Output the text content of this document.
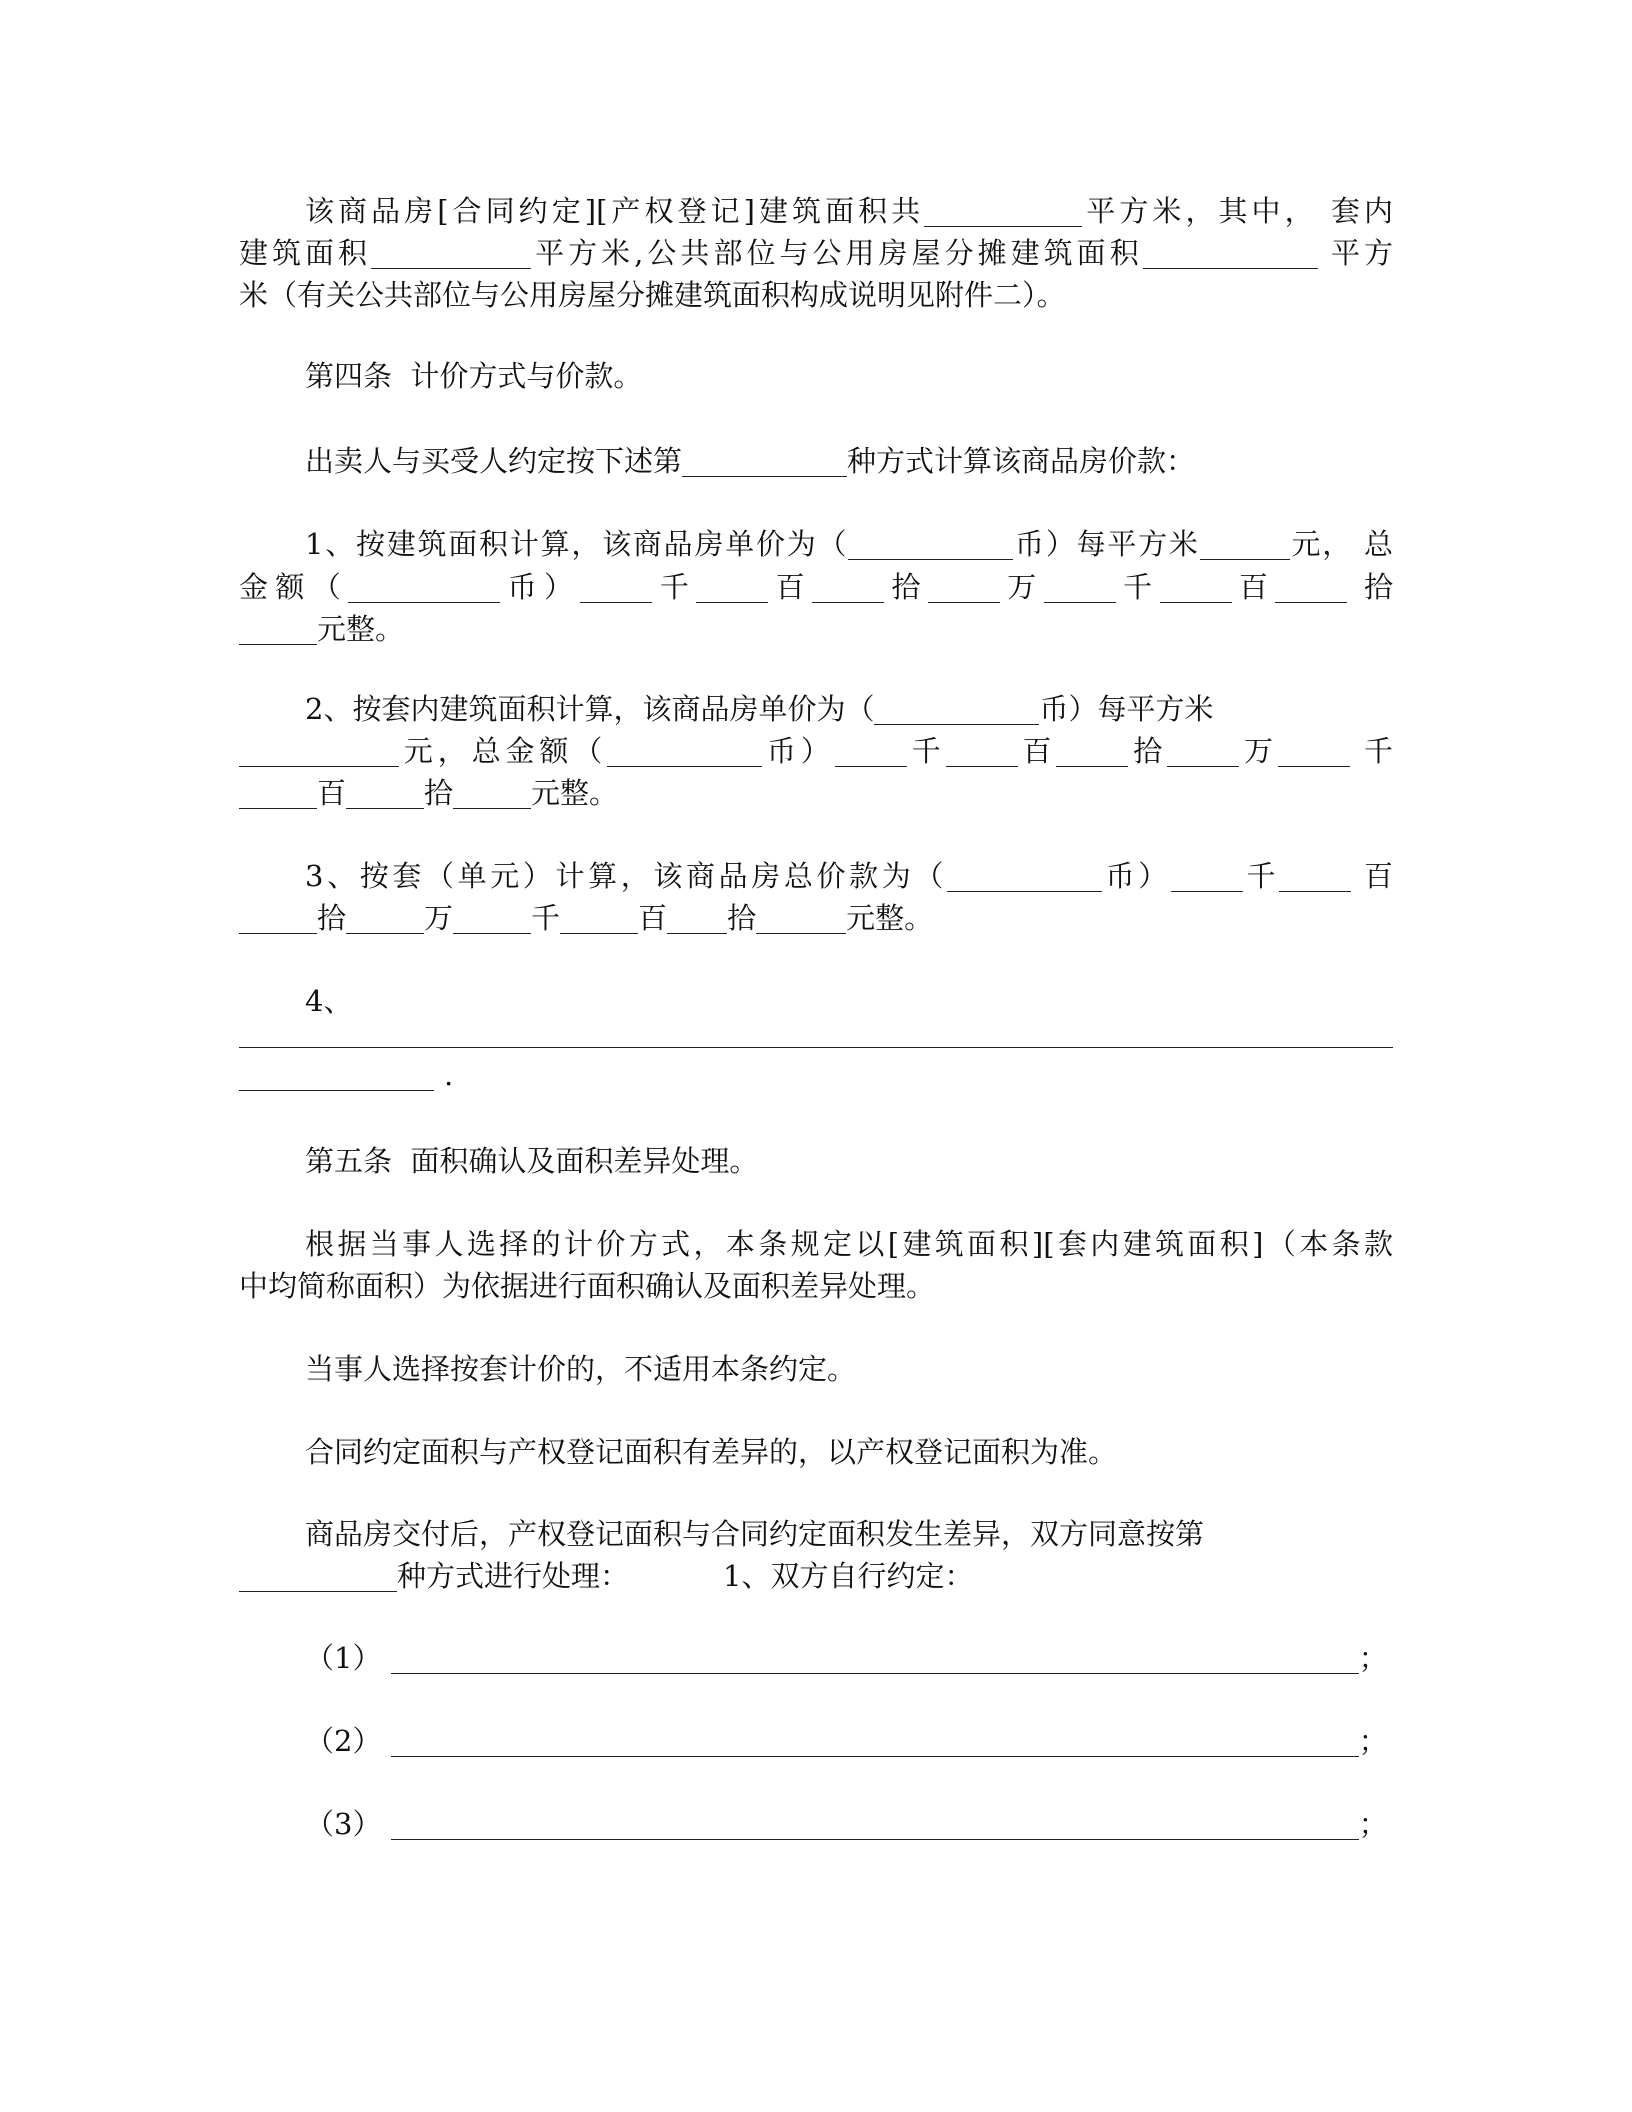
该商品房[合同约定][产权登记]建筑面积共	平方米，其中， 套内
建筑面积	平方米,公共部位与公用房屋分摊建筑面积	平方
米（有关公共部位与公用房屋分摊建筑面积构成说明见附件二）。
第四条  计价方式与价款。
出卖人与买受人约定按下述第	种方式计算该商品房价款：
1、按建筑面积计算，该商品房单价为（	币）每平方米	元， 总
金额（	币） 千 百 拾 万 千 百	拾
元整。
2、按套内建筑面积计算，该商品房单价为（	币）每平方米
元，总金额（	币） 千 百 拾 万	千
百	拾	元整。
3、按套（单元）计算，该商品房总价款为（	币） 千	百
拾	万	千	百 拾	元整。
4、
.
第五条  面积确认及面积差异处理。
根据当事人选择的计价方式，本条规定以[建筑面积][套内建筑面积]（本条款
中均简称面积）为依据进行面积确认及面积差异处理。
当事人选择按套计价的，不适用本条约定。
合同约定面积与产权登记面积有差异的，以产权登记面积为准。
商品房交付后，产权登记面积与合同约定面积发生差异，双方同意按第
种方式进行处理：	1、双方自行约定：
（1）	；
（2）	；
（3）	；
